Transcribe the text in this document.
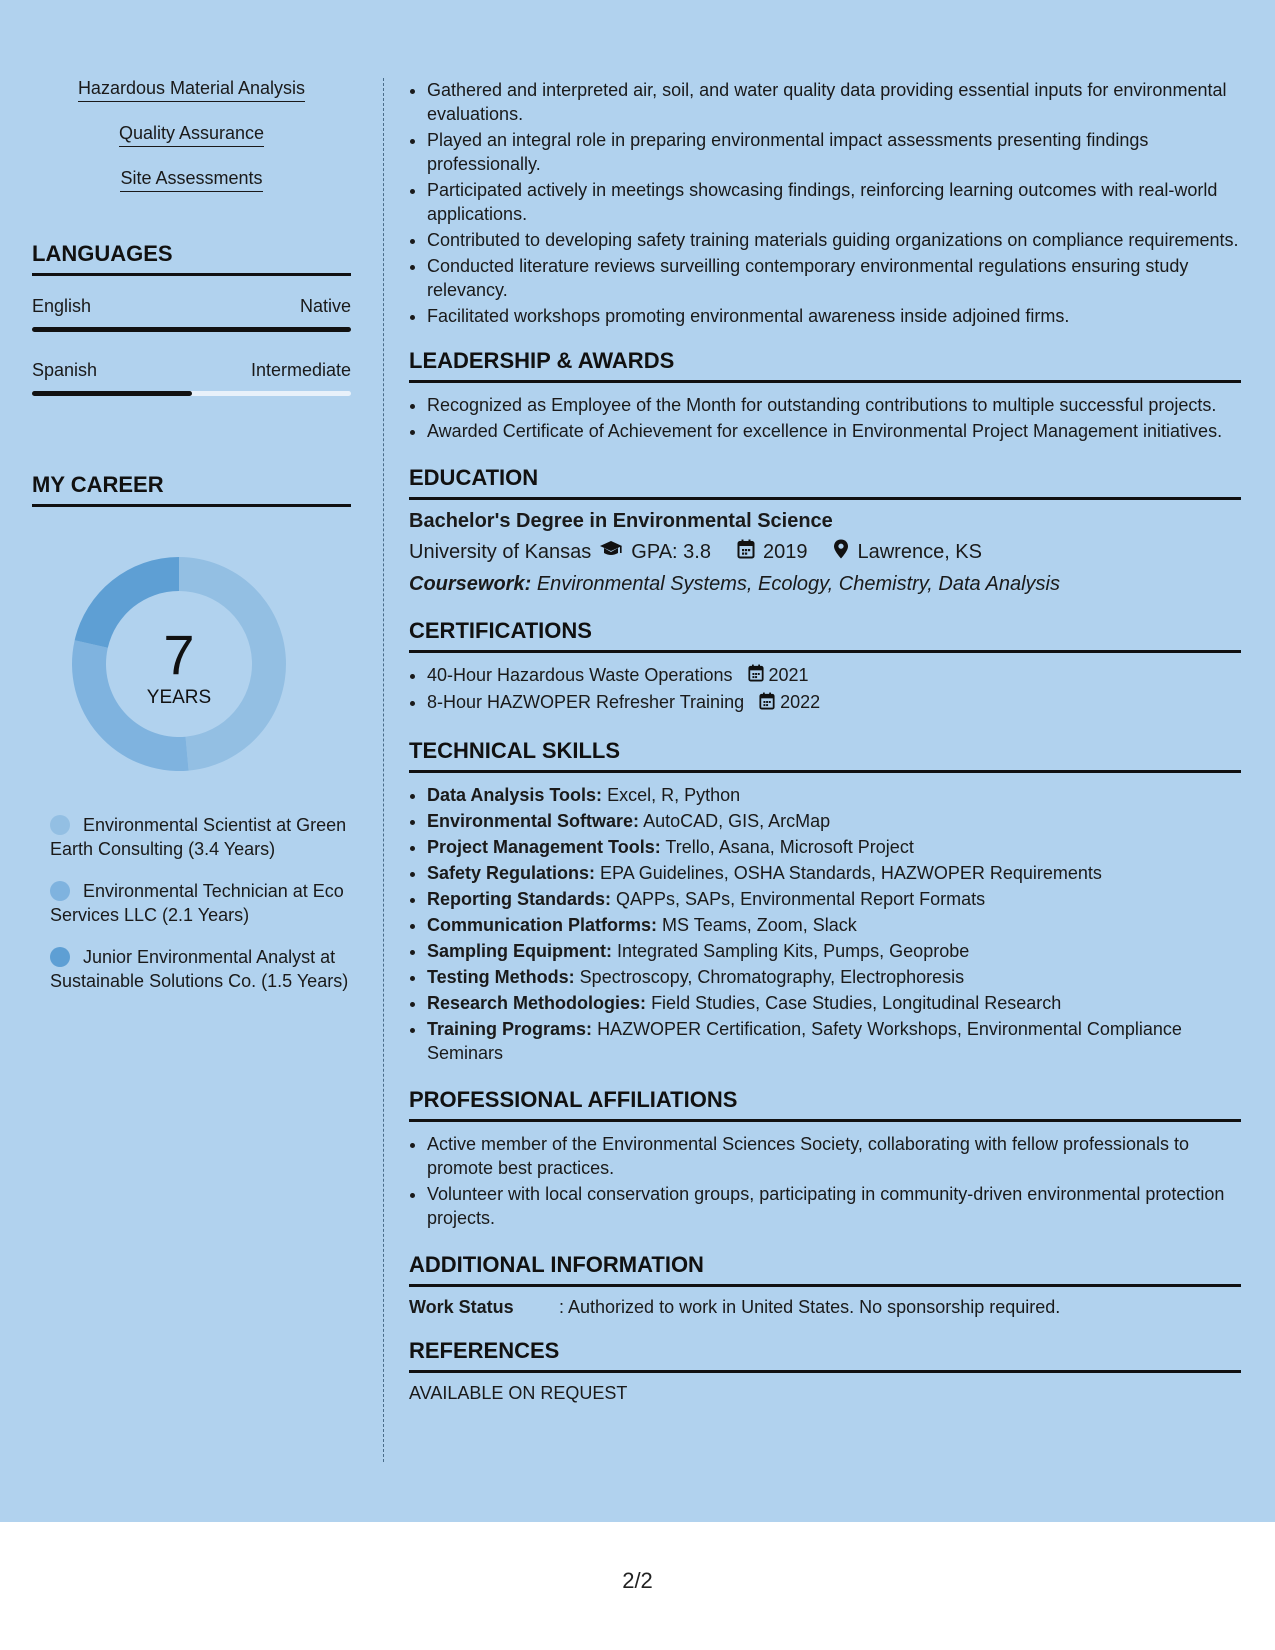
Hazardous Material Analysis
Quality Assurance
Site Assessments
LANGUAGES
English	Native
Spanish	Intermediate
MY CAREER
7
YEARS
Environmental Scientist at Green Earth Consulting (3.4 Years)
Environmental Technician at Eco Services LLC (2.1 Years)
Junior Environmental Analyst at Sustainable Solutions Co. (1.5 Years)
• Gathered and interpreted air, soil, and water quality data providing essential inputs for environmental evaluations.
• Played an integral role in preparing environmental impact assessments presenting findings professionally.
• Participated actively in meetings showcasing findings, reinforcing learning outcomes with real-world applications.
• Contributed to developing safety training materials guiding organizations on compliance requirements.
• Conducted literature reviews surveilling contemporary environmental regulations ensuring study relevancy.
• Facilitated workshops promoting environmental awareness inside adjoined firms.
LEADERSHIP & AWARDS
• Recognized as Employee of the Month for outstanding contributions to multiple successful projects.
• Awarded Certificate of Achievement for excellence in Environmental Project Management initiatives.
EDUCATION
Bachelor's Degree in Environmental Science
University of Kansas GPA: 3.8	2019	Lawrence, KS
Coursework: Environmental Systems, Ecology, Chemistry, Data Analysis
CERTIFICATIONS
• 40-Hour Hazardous Waste Operations 2021
• 8-Hour HAZWOPER Refresher Training 2022
TECHNICAL SKILLS
• Data Analysis Tools: Excel, R, Python
• Environmental Software: AutoCAD, GIS, ArcMap
• Project Management Tools: Trello, Asana, Microsoft Project
• Safety Regulations: EPA Guidelines, OSHA Standards, HAZWOPER Requirements
• Reporting Standards: QAPPs, SAPs, Environmental Report Formats
• Communication Platforms: MS Teams, Zoom, Slack
• Sampling Equipment: Integrated Sampling Kits, Pumps, Geoprobe
• Testing Methods: Spectroscopy, Chromatography, Electrophoresis
• Research Methodologies: Field Studies, Case Studies, Longitudinal Research
• Training Programs: HAZWOPER Certification, Safety Workshops, Environmental Compliance Seminars
PROFESSIONAL AFFILIATIONS
• Active member of the Environmental Sciences Society, collaborating with fellow professionals to promote best practices.
• Volunteer with local conservation groups, participating in community-driven environmental protection projects.
ADDITIONAL INFORMATION
Work Status	: Authorized to work in United States. No sponsorship required.
REFERENCES
AVAILABLE ON REQUEST
2/2
